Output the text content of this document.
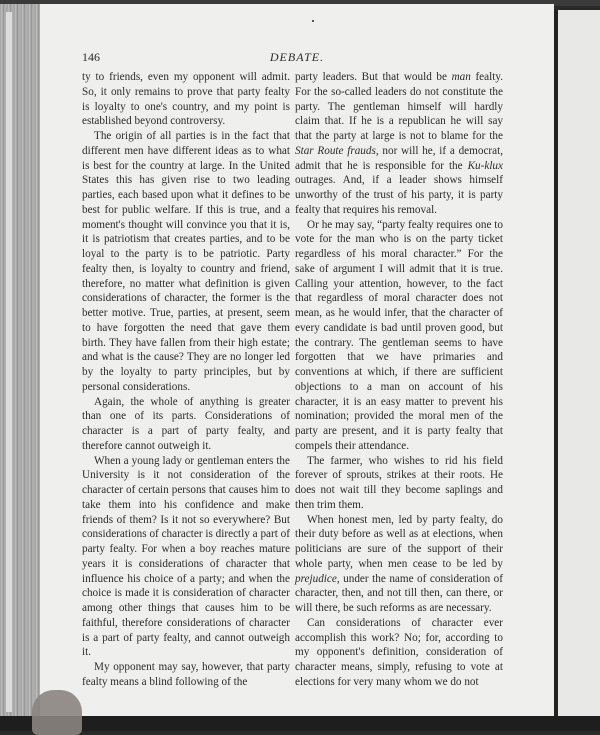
146	DEBATE.

ty to friends, even my opponent will admit. So, it only remains to prove that party fealty is loyalty to one's country, and my point is established beyond controversy.

The origin of all parties is in the fact that different men have different ideas as to what is best for the country at large. In the United States this has given rise to two leading parties, each based upon what it defines to be best for public welfare. If this is true, and a moment's thought will convince you that it is, it is patriotism that creates parties, and to be loyal to the party is to be patriotic. Party fealty then, is loyalty to country and friend, therefore, no matter what definition is given considerations of character, the former is the better motive. True, parties, at present, seem to have forgotten the need that gave them birth. They have fallen from their high estate; and what is the cause? They are no longer led by the loyalty to party principles, but by personal considerations.

Again, the whole of anything is greater than one of its parts. Considerations of character is a part of party fealty, and therefore cannot outweigh it.

When a young lady or gentleman enters the University is it not consideration of the character of certain persons that causes him to take them into his confidence and make friends of them? Is it not so everywhere? But considerations of character is directly a part of party fealty. For when a boy reaches mature years it is considerations of character that influence his choice of a party; and when the choice is made it is consideration of character among other things that causes him to be faithful, therefore considerations of character is a part of party fealty, and cannot outweigh it.

My opponent may say, however, that party fealty means a blind following of the

party leaders. But that would be man fealty. For the so-called leaders do not constitute the party. The gentleman himself will hardly claim that. If he is a republican he will say that the party at large is not to blame for the Star Route frauds, nor will he, if a democrat, admit that he is responsible for the Ku-klux outrages. And, if a leader shows himself unworthy of the trust of his party, it is party fealty that requires his removal.

Or he may say, “party fealty requires one to vote for the man who is on the party ticket regardless of his moral character.” For the sake of argument I will admit that it is true. Calling your attention, however, to the fact that regardless of moral character does not mean, as he would infer, that the character of every candidate is bad until proven good, but the contrary. The gentleman seems to have forgotten that we have primaries and conventions at which, if there are sufficient objections to a man on account of his character, it is an easy matter to prevent his nomination; provided the moral men of the party are present, and it is party fealty that compels their attendance.

The farmer, who wishes to rid his field forever of sprouts, strikes at their roots. He does not wait till they become saplings and then trim them.

When honest men, led by party fealty, do their duty before as well as at elections, when politicians are sure of the support of their whole party, when men cease to be led by prejudice, under the name of consideration of character, then, and not till then, can there, or will there, be such reforms as are necessary.

Can considerations of character ever accomplish this work? No; for, according to my opponent's definition, consideration of character means, simply, refusing to vote at elections for very many whom we do not
